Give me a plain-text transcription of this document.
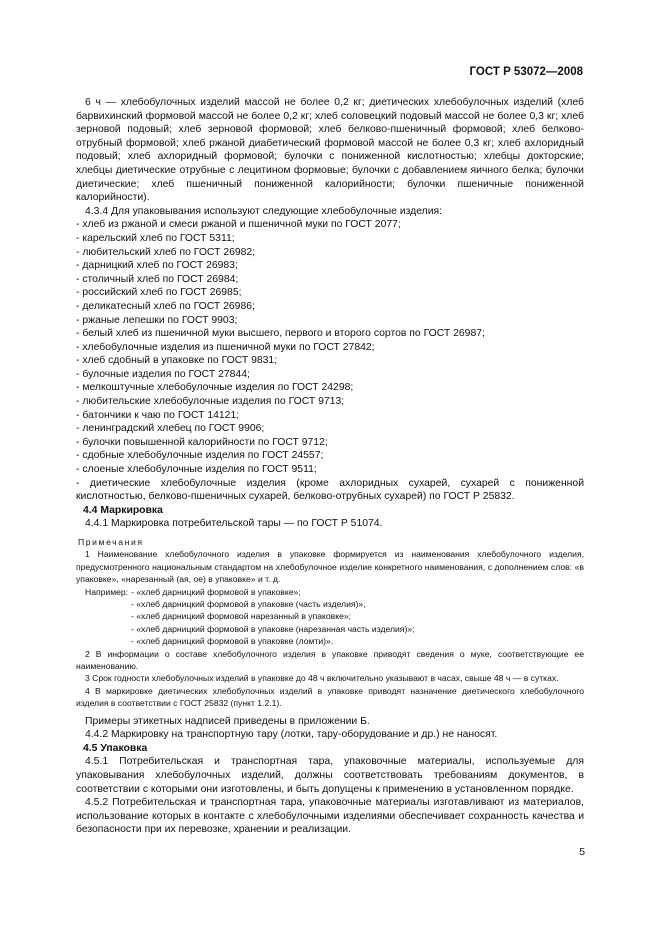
ГОСТ Р 53072—2008

6 ч — хлебобулочных изделий массой не более 0,2 кг; диетических хлебобулочных изделий (хлеб барвихинский формовой массой не более 0,2 кг; хлеб соловецкий подовый массой не более 0,3 кг; хлеб зерновой подовый; хлеб зерновой формовой; хлеб белково-пшеничный формовой; хлеб белково-отрубный формовой; хлеб ржаной диабетический формовой массой не более 0,3 кг; хлеб ахлоридный подовый; хлеб ахлоридный формовой; булочки с пониженной кислотностью; хлебцы докторские; хлебцы диетические отрубные с лецитином формовые; булочки с добавлением яичного белка; булочки диетические; хлеб пшеничный пониженной калорийности; булочки пшеничные пониженной калорийности).

4.3.4 Для упаковывания используют следующие хлебобулочные изделия:

- хлеб из ржаной и смеси ржаной и пшеничной муки по ГОСТ 2077;

- карельский хлеб по ГОСТ 5311;

- любительский хлеб по ГОСТ 26982;

- дарницкий хлеб по ГОСТ 26983;

- столичный хлеб по ГОСТ 26984;

- российский хлеб по ГОСТ 26985;

- деликатесный хлеб по ГОСТ 26986;

- ржаные лепешки по ГОСТ 9903;

- белый хлеб из пшеничной муки высшего, первого и второго сортов по ГОСТ 26987;

- хлебобулочные изделия из пшеничной муки по ГОСТ 27842;

- хлеб сдобный в упаковке по ГОСТ 9831;

- булочные изделия по ГОСТ 27844;

- мелкоштучные хлебобулочные изделия по ГОСТ 24298;

- любительские хлебобулочные изделия по ГОСТ 9713;

- батончики к чаю по ГОСТ 14121;

- ленинградский хлебец по ГОСТ 9906;

- булочки повышенной калорийности по ГОСТ 9712;

- сдобные хлебобулочные изделия по ГОСТ 24557;

- слоеные хлебобулочные изделия по ГОСТ 9511;

- диетические хлебобулочные изделия (кроме ахлоридных сухарей, сухарей с пониженной кислотностью, белково-пшеничных сухарей, белково-отрубных сухарей) по ГОСТ Р 25832.

4.4 Маркировка

4.4.1 Маркировка потребительской тары — по ГОСТ Р 51074.

Примечания

1 Наименование хлебобулочного изделия в упаковке формируется из наименования хлебобулочного изделия, предусмотренного национальным стандартом на хлебобулочное изделие конкретного наименования, с дополнением слов: «в упаковке», «нарезанный (ая, ое) в упаковке» и т. д.

Например: - «хлеб дарницкий формовой в упаковке»;

- «хлеб дарницкий формовой в упаковке (часть изделия)»,

- «хлеб дарницкий формовой нарезанный в упаковке»;

- «хлеб дарницкий формовой в упаковке (нарезанная часть изделия)»;

- «хлеб дарницкий формовой в упаковке (ломти)».

2 В информации о составе хлебобулочного изделия в упаковке приводят сведения о муке, соответствующие ее наименованию.

3 Срок годности хлебобулочных изделий в упаковке до 48 ч включительно указывают в часах, свыше 48 ч — в сутках.

4 В маркировке диетических хлебобулочных изделий в упаковке приводят назначение диетического хлебобулочного изделия в соответствии с ГОСТ 25832 (пункт 1.2.1).

Примеры этикетных надписей приведены в приложении Б.

4.4.2 Маркировку на транспортную тару (лотки, тару-оборудование и др.) не наносят.

4.5 Упаковка

4.5.1 Потребительская и транспортная тара, упаковочные материалы, используемые для упаковывания хлебобулочных изделий, должны соответствовать требованиям документов, в соответствии с которыми они изготовлены, и быть допущены к применению в установленном порядке.

4.5.2 Потребительская и транспортная тара, упаковочные материалы изготавливают из материалов, использование которых в контакте с хлебобулочными изделиями обеспечивает сохранность качества и безопасности при их перевозке, хранении и реализации.

5
